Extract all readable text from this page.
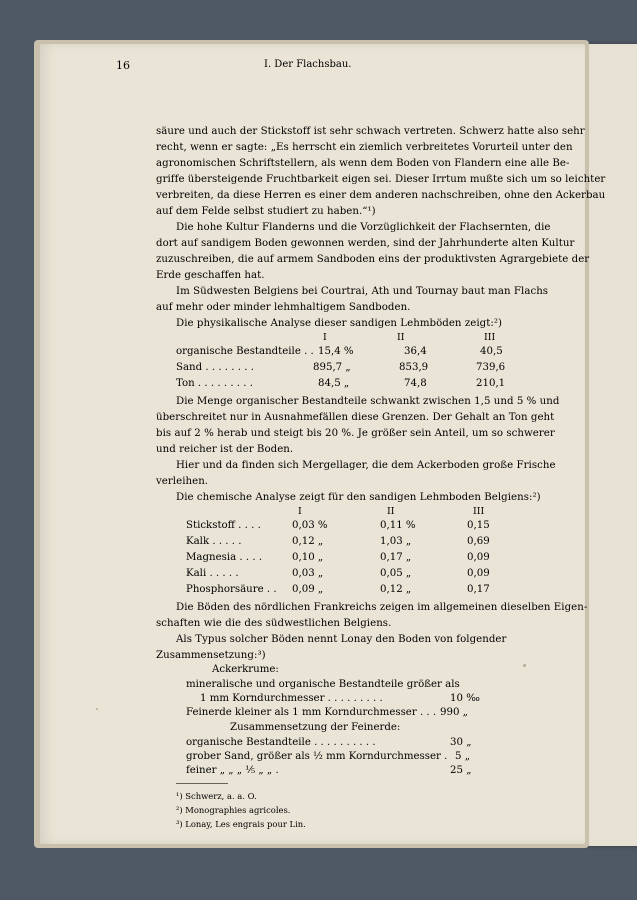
16	I. Der Flachsbau.
säure und auch der Stickstoff ist sehr schwach vertreten. Schwerz hatte also sehr
recht, wenn er sagte: „Es herrscht ein ziemlich verbreitetes Vorurteil unter den
agronomischen Schriftstellern, als wenn dem Boden von Flandern eine alle Be-
griffe übersteigende Fruchtbarkeit eigen sei. Dieser Irrtum mußte sich um so leichter
verbreiten, da diese Herren es einer dem anderen nachschreiben, ohne den Ackerbau
auf dem Felde selbst studiert zu haben.“¹)
Die hohe Kultur Flanderns und die Vorzüglichkeit der Flachsernten, die
dort auf sandigem Boden gewonnen werden, sind der Jahrhunderte alten Kultur
zuzuschreiben, die auf armem Sandboden eins der produktivsten Agrargebiete der
Erde geschaffen hat.
Im Südwesten Belgiens bei Courtrai, Ath und Tournay baut man Flachs
auf mehr oder minder lehmhaltigem Sandboden.
Die physikalische Analyse dieser sandigen Lehmböden zeigt:²)
I	II	III
organische Bestandteile . . 15,4 %	36,4	40,5
Sand . . . . . . . .	895,7 „	853,9	739,6
Ton . . . . . . . . .	84,5 „	74,8	210,1
Die Menge organischer Bestandteile schwankt zwischen 1,5 und 5 % und
überschreitet nur in Ausnahmefällen diese Grenzen. Der Gehalt an Ton geht
bis auf 2 % herab und steigt bis 20 %. Je größer sein Anteil, um so schwerer
und reicher ist der Boden.
Hier und da finden sich Mergellager, die dem Ackerboden große Frische
verleihen.
Die chemische Analyse zeigt für den sandigen Lehmboden Belgiens:²)
I	II	III
Stickstoff . . . .	0,03 %	0,11 %	0,15
Kalk . . . . .	0,12 „	1,03 „	0,69
Magnesia . . . .	0,10 „	0,17 „	0,09
Kali . . . . .	0,03 „	0,05 „	0,09
Phosphorsäure . . 0,09 „	0,12 „	0,17
Die Böden des nördlichen Frankreichs zeigen im allgemeinen dieselben Eigen-
schaften wie die des südwestlichen Belgiens.
Als Typus solcher Böden nennt Lonay den Boden von folgender
Zusammensetzung:³)
Ackerkrume:
mineralische und organische Bestandteile größer als
1 mm Korndurchmesser . . . . . . . . .	10 ‰
Feinerde kleiner als 1 mm Korndurchmesser . . . 990 „
Zusammensetzung der Feinerde:
organische Bestandteile . . . . . . . . . .	30 „
grober Sand, größer als ½ mm Korndurchmesser . 5 „
feiner „ „ „ ⅕ „ „ .	25 „
¹) Schwerz, a. a. O.
²) Monographies agricoles.
³) Lonay, Les engrais pour Lin.
